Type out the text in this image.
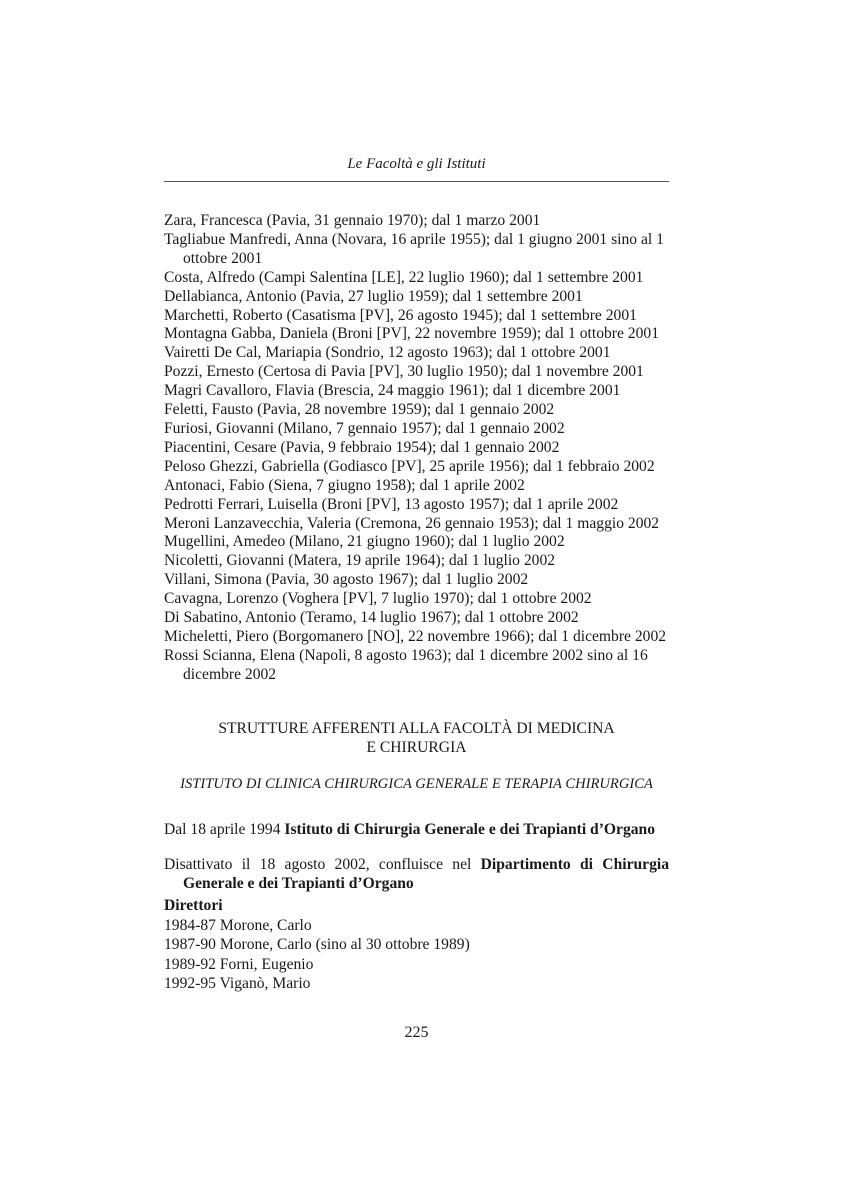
Le Facoltà e gli Istituti
Zara, Francesca (Pavia, 31 gennaio 1970); dal 1 marzo 2001
Tagliabue Manfredi, Anna (Novara, 16 aprile 1955); dal 1 giugno 2001 sino al 1 ottobre 2001
Costa, Alfredo (Campi Salentina [LE], 22 luglio 1960); dal 1 settembre 2001
Dellabianca, Antonio (Pavia, 27 luglio 1959); dal 1 settembre 2001
Marchetti, Roberto (Casatisma [PV], 26 agosto 1945); dal 1 settembre 2001
Montagna Gabba, Daniela (Broni [PV], 22 novembre 1959); dal 1 ottobre 2001
Vairetti De Cal, Mariapia (Sondrio, 12 agosto 1963); dal 1 ottobre 2001
Pozzi, Ernesto (Certosa di Pavia [PV], 30 luglio 1950); dal 1 novembre 2001
Magri Cavalloro, Flavia (Brescia, 24 maggio 1961); dal 1 dicembre 2001
Feletti, Fausto (Pavia, 28 novembre 1959); dal 1 gennaio 2002
Furiosi, Giovanni (Milano, 7 gennaio 1957); dal 1 gennaio 2002
Piacentini, Cesare (Pavia, 9 febbraio 1954); dal 1 gennaio 2002
Peloso Ghezzi, Gabriella (Godiasco [PV], 25 aprile 1956); dal 1 febbraio 2002
Antonaci, Fabio (Siena, 7 giugno 1958); dal 1 aprile 2002
Pedrotti Ferrari, Luisella (Broni [PV], 13 agosto 1957); dal 1 aprile 2002
Meroni Lanzavecchia, Valeria (Cremona, 26 gennaio 1953); dal 1 maggio 2002
Mugellini, Amedeo (Milano, 21 giugno 1960); dal 1 luglio 2002
Nicoletti, Giovanni (Matera, 19 aprile 1964); dal 1 luglio 2002
Villani, Simona (Pavia, 30 agosto 1967); dal 1 luglio 2002
Cavagna, Lorenzo (Voghera [PV], 7 luglio 1970); dal 1 ottobre 2002
Di Sabatino, Antonio (Teramo, 14 luglio 1967); dal 1 ottobre 2002
Micheletti, Piero (Borgomanero [NO], 22 novembre 1966); dal 1 dicembre 2002
Rossi Scianna, Elena (Napoli, 8 agosto 1963); dal 1 dicembre 2002 sino al 16 dicembre 2002
STRUTTURE AFFERENTI ALLA FACOLTÀ DI MEDICINA
E CHIRURGIA
ISTITUTO DI CLINICA CHIRURGICA GENERALE E TERAPIA CHIRURGICA

Dal 18 aprile 1994 Istituto di Chirurgia Generale e dei Trapianti d’Organo

Disattivato il 18 agosto 2002, confluisce nel Dipartimento di Chirurgia Generale e dei Trapianti d’Organo

Direttori
1984-87 Morone, Carlo
1987-90 Morone, Carlo (sino al 30 ottobre 1989)
1989-92 Forni, Eugenio
1992-95 Viganò, Mario
225
